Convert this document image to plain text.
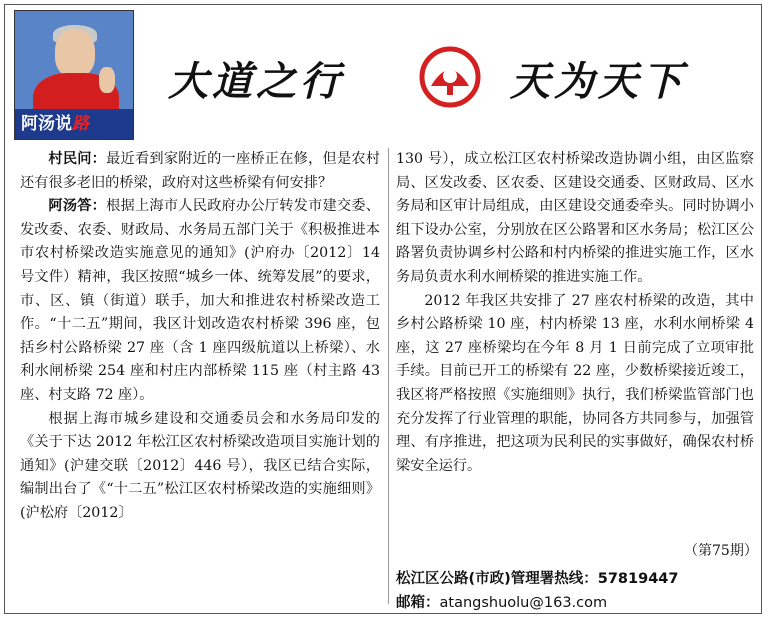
阿汤说路
大道之行	天为天下

村民问：最近看到家附近的一座桥正在修，但是农村还有很多老旧的桥梁，政府对这些桥梁有何安排？

阿汤答：根据上海市人民政府办公厅转发市建交委、发改委、农委、财政局、水务局五部门关于《积极推进本市农村桥梁改造实施意见的通知》(沪府办〔2012〕14 号文件）精神，我区按照“城乡一体、统筹发展”的要求，市、区、镇（街道）联手，加大和推进农村桥梁改造工作。“十二五”期间，我区计划改造农村桥梁 396 座，包括乡村公路桥梁 27 座（含 1 座四级航道以上桥梁）、水利水闸桥梁 254 座和村庄内部桥梁 115 座（村主路 43 座、村支路 72 座）。

根据上海市城乡建设和交通委员会和水务局印发的《关于下达 2012 年松江区农村桥梁改造项目实施计划的通知》(沪建交联〔2012〕446 号），我区已结合实际，编制出台了《“十二五”松江区农村桥梁改造的实施细则》(沪松府〔2012〕

130 号），成立松江区农村桥梁改造协调小组，由区监察局、区发改委、区农委、区建设交通委、区财政局、区水务局和区审计局组成，由区建设交通委牵头。同时协调小组下设办公室，分别放在区公路署和区水务局；松江区公路署负责协调乡村公路和村内桥梁的推进实施工作，区水务局负责水利水闸桥梁的推进实施工作。

2012 年我区共安排了 27 座农村桥梁的改造，其中乡村公路桥梁 10 座，村内桥梁 13 座，水利水闸桥梁 4 座，这 27 座桥梁均在今年 8 月 1 日前完成了立项审批手续。目前已开工的桥梁有 22 座，少数桥梁接近竣工，我区将严格按照《实施细则》执行，我们桥梁监管部门也充分发挥了行业管理的职能，协同各方共同参与，加强管理、有序推进，把这项为民利民的实事做好，确保农村桥梁安全运行。

（第75期）
松江区公路(市政)管理署热线：57819447
邮箱：atangshuolu@163.com
